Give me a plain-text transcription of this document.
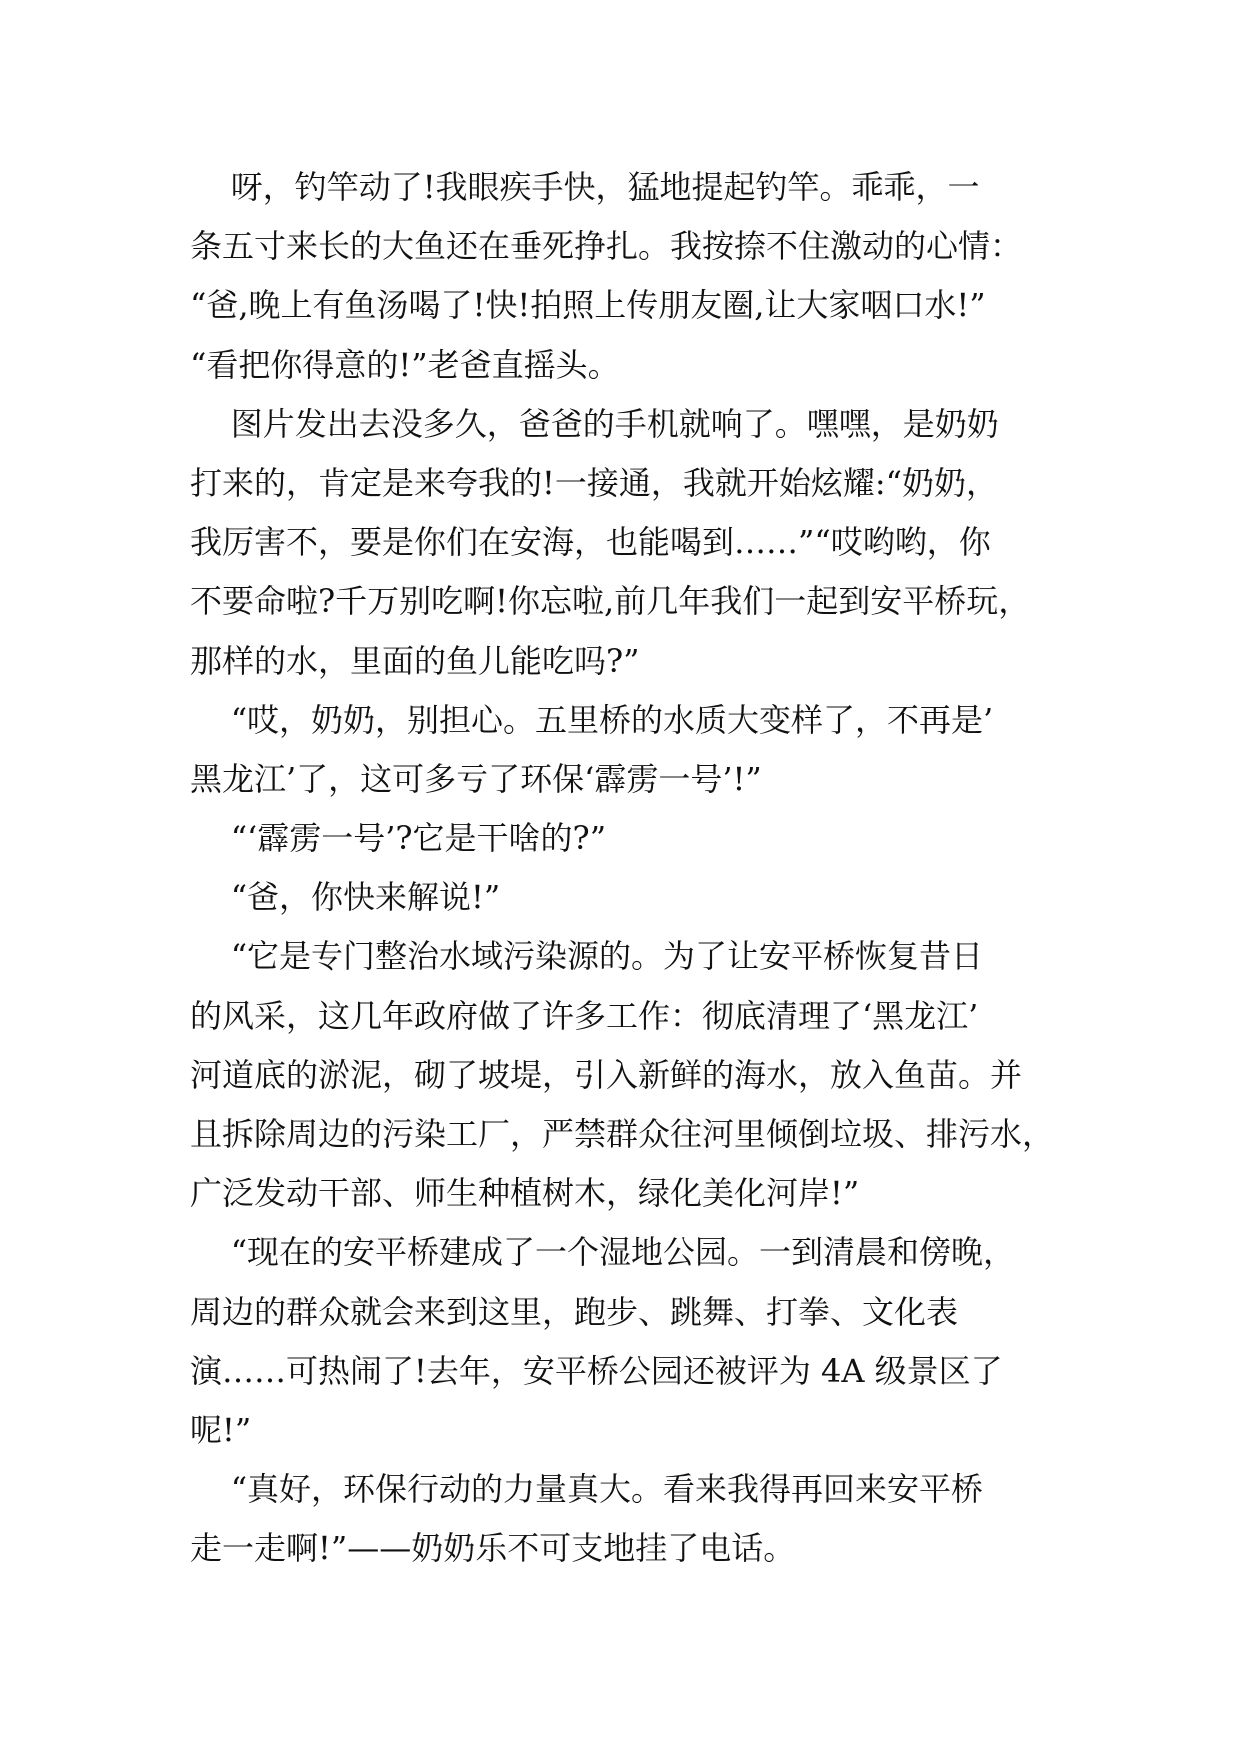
呀，钓竿动了!我眼疾手快，猛地提起钓竿。乖乖，一
条五寸来长的大鱼还在垂死挣扎。我按捺不住激动的心情：
“爸,晚上有鱼汤喝了!快!拍照上传朋友圈,让大家咽口水!”
“看把你得意的!”老爸直摇头。
图片发出去没多久，爸爸的手机就响了。嘿嘿，是奶奶
打来的，肯定是来夸我的!一接通，我就开始炫耀:“奶奶，
我厉害不，要是你们在安海，也能喝到……”“哎哟哟，你
不要命啦?千万别吃啊!你忘啦,前几年我们一起到安平桥玩，
那样的水，里面的鱼儿能吃吗?”
“哎，奶奶，别担心。五里桥的水质大变样了，不再是’
黑龙江’了，这可多亏了环保‘霹雳一号’!”
“‘霹雳一号’?它是干啥的?”
“爸，你快来解说!”
“它是专门整治水域污染源的。为了让安平桥恢复昔日
的风采，这几年政府做了许多工作：彻底清理了‘黑龙江’
河道底的淤泥，砌了坡堤，引入新鲜的海水，放入鱼苗。并
且拆除周边的污染工厂，严禁群众往河里倾倒垃圾、排污水，
广泛发动干部、师生种植树木，绿化美化河岸!”
“现在的安平桥建成了一个湿地公园。一到清晨和傍晚，
周边的群众就会来到这里，跑步、跳舞、打拳、文化表
演……可热闹了!去年，安平桥公园还被评为 4A 级景区了
呢!”
“真好，环保行动的力量真大。看来我得再回来安平桥
走一走啊!”——奶奶乐不可支地挂了电话。
